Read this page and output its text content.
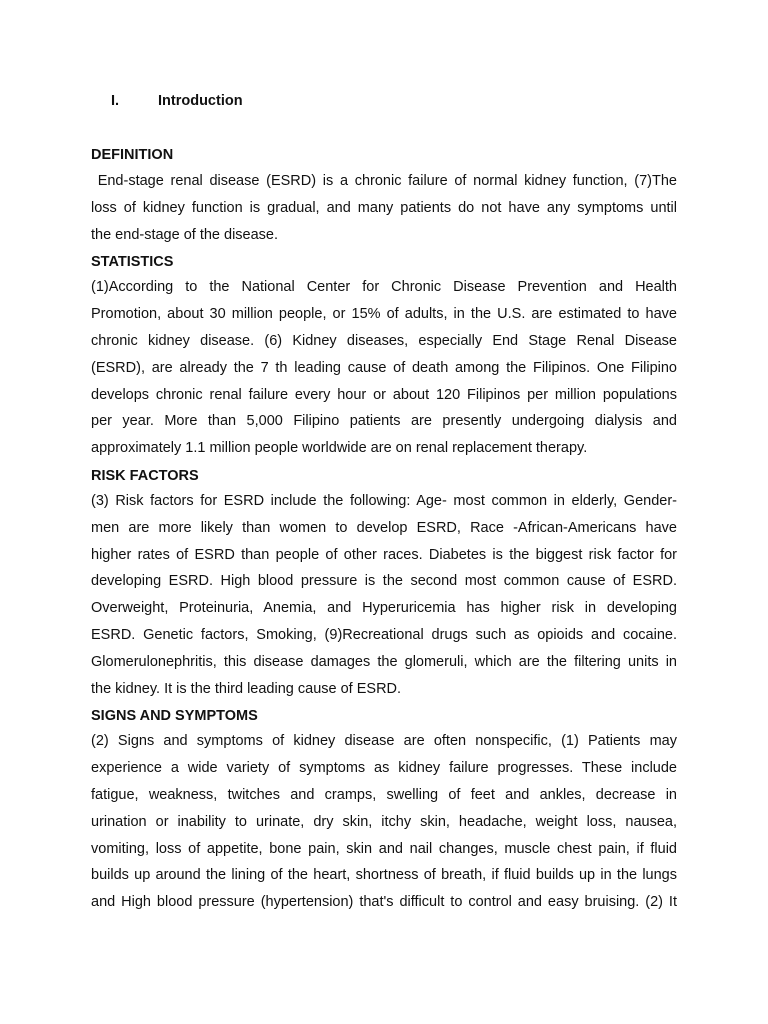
I.	Introduction
DEFINITION
End-stage renal disease (ESRD) is a chronic failure of normal kidney function, (7)The
loss of kidney function is gradual, and many patients do not have any symptoms until
the end-stage of the disease.
STATISTICS
(1)According to the National Center for Chronic Disease Prevention and Health
Promotion, about 30 million people, or 15% of adults, in the U.S. are estimated to have
chronic kidney disease. (6) Kidney diseases, especially End Stage Renal Disease
(ESRD), are already the 7 th leading cause of death among the Filipinos. One Filipino
develops chronic renal failure every hour or about 120 Filipinos per million populations
per year. More than 5,000 Filipino patients are presently undergoing dialysis and
approximately 1.1 million people worldwide are on renal replacement therapy.
RISK FACTORS
(3) Risk factors for ESRD include the following: Age- most common in elderly, Gender-
men are more likely than women to develop ESRD, Race -African-Americans have
higher rates of ESRD than people of other races. Diabetes is the biggest risk factor for
developing ESRD. High blood pressure is the second most common cause of ESRD.
Overweight, Proteinuria, Anemia, and Hyperuricemia has higher risk in developing
ESRD. Genetic factors, Smoking, (9)Recreational drugs such as opioids and cocaine.
Glomerulonephritis, this disease damages the glomeruli, which are the filtering units in
the kidney. It is the third leading cause of ESRD.
SIGNS AND SYMPTOMS
(2) Signs and symptoms of kidney disease are often nonspecific, (1) Patients may
experience a wide variety of symptoms as kidney failure progresses. These include
fatigue, weakness, twitches and cramps, swelling of feet and ankles, decrease in
urination or inability to urinate, dry skin, itchy skin, headache, weight loss, nausea,
vomiting, loss of appetite, bone pain, skin and nail changes, muscle chest pain, if fluid
builds up around the lining of the heart, shortness of breath, if fluid builds up in the lungs
and High blood pressure (hypertension) that's difficult to control and easy bruising. (2) It
